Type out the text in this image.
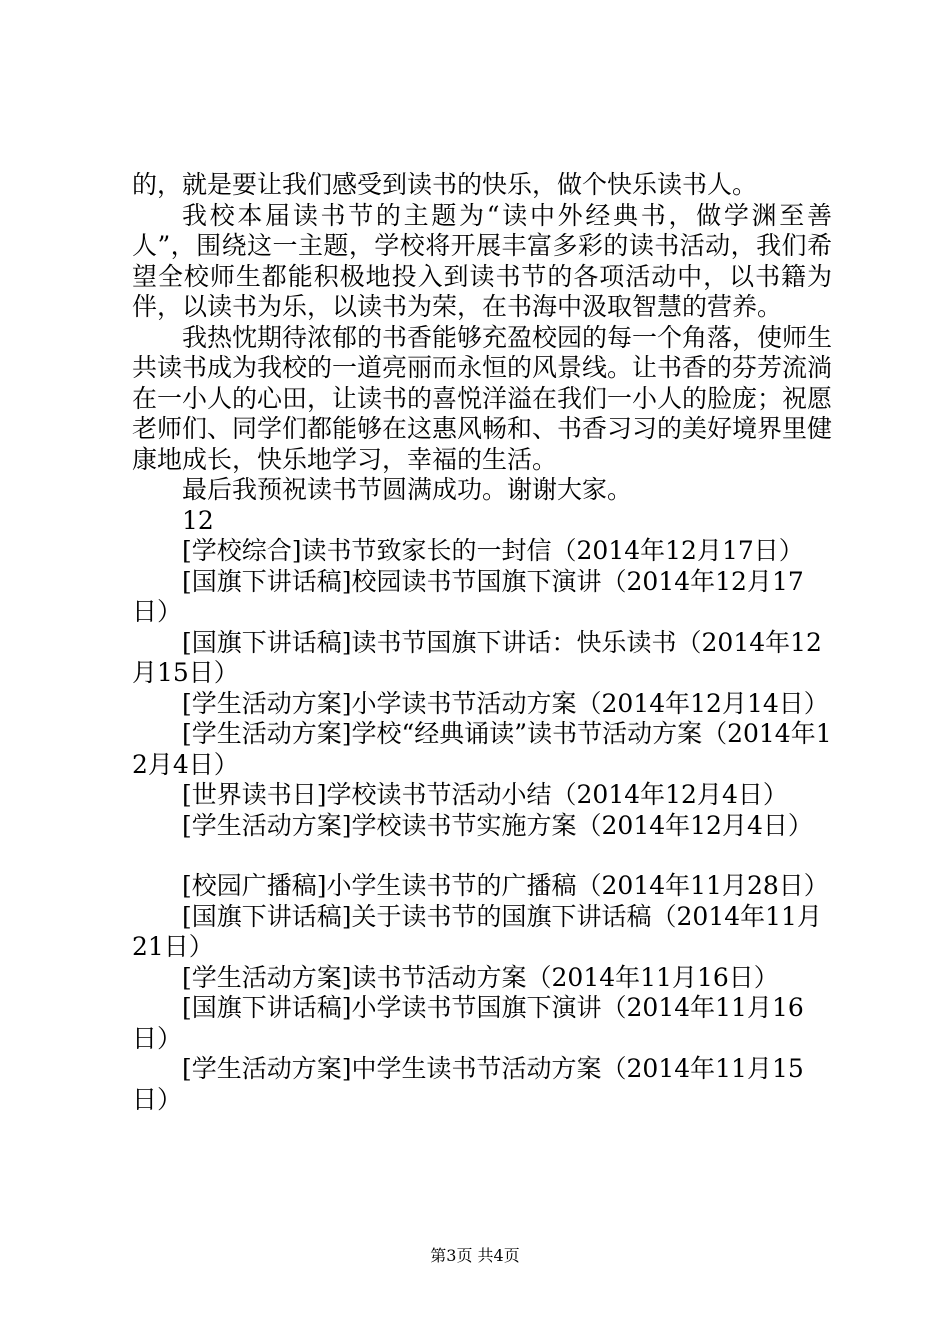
的，就是要让我们感受到读书的快乐，做个快乐读书人。

我校本届读书节的主题为“读中外经典书，做学渊至善人”，围绕这一主题，学校将开展丰富多彩的读书活动，我们希望全校师生都能积极地投入到读书节的各项活动中，以书籍为伴，以读书为乐，以读书为荣，在书海中汲取智慧的营养。

我热忱期待浓郁的书香能够充盈校园的每一个角落，使师生共读书成为我校的一道亮丽而永恒的风景线。让书香的芬芳流淌在一小人的心田，让读书的喜悦洋溢在我们一小人的脸庞；祝愿老师们、同学们都能够在这惠风畅和、书香习习的美好境界里健康地成长，快乐地学习，幸福的生活。

最后我预祝读书节圆满成功。谢谢大家。

12

[学校综合]读书节致家长的一封信（2014年12月17日）
[国旗下讲话稿]校园读书节国旗下演讲（2014年12月17日）
[国旗下讲话稿]读书节国旗下讲话：快乐读书（2014年12月15日）
[学生活动方案]小学读书节活动方案（2014年12月14日）
[学生活动方案]学校“经典诵读”读书节活动方案（2014年12月4日）
[世界读书日]学校读书节活动小结（2014年12月4日）
[学生活动方案]学校读书节实施方案（2014年12月4日）
[校园广播稿]小学生读书节的广播稿（2014年11月28日）
[国旗下讲话稿]关于读书节的国旗下讲话稿（2014年11月21日）
[学生活动方案]读书节活动方案（2014年11月16日）
[国旗下讲话稿]小学读书节国旗下演讲（2014年11月16日）
[学生活动方案]中学生读书节活动方案（2014年11月15日）
第3页 共4页
